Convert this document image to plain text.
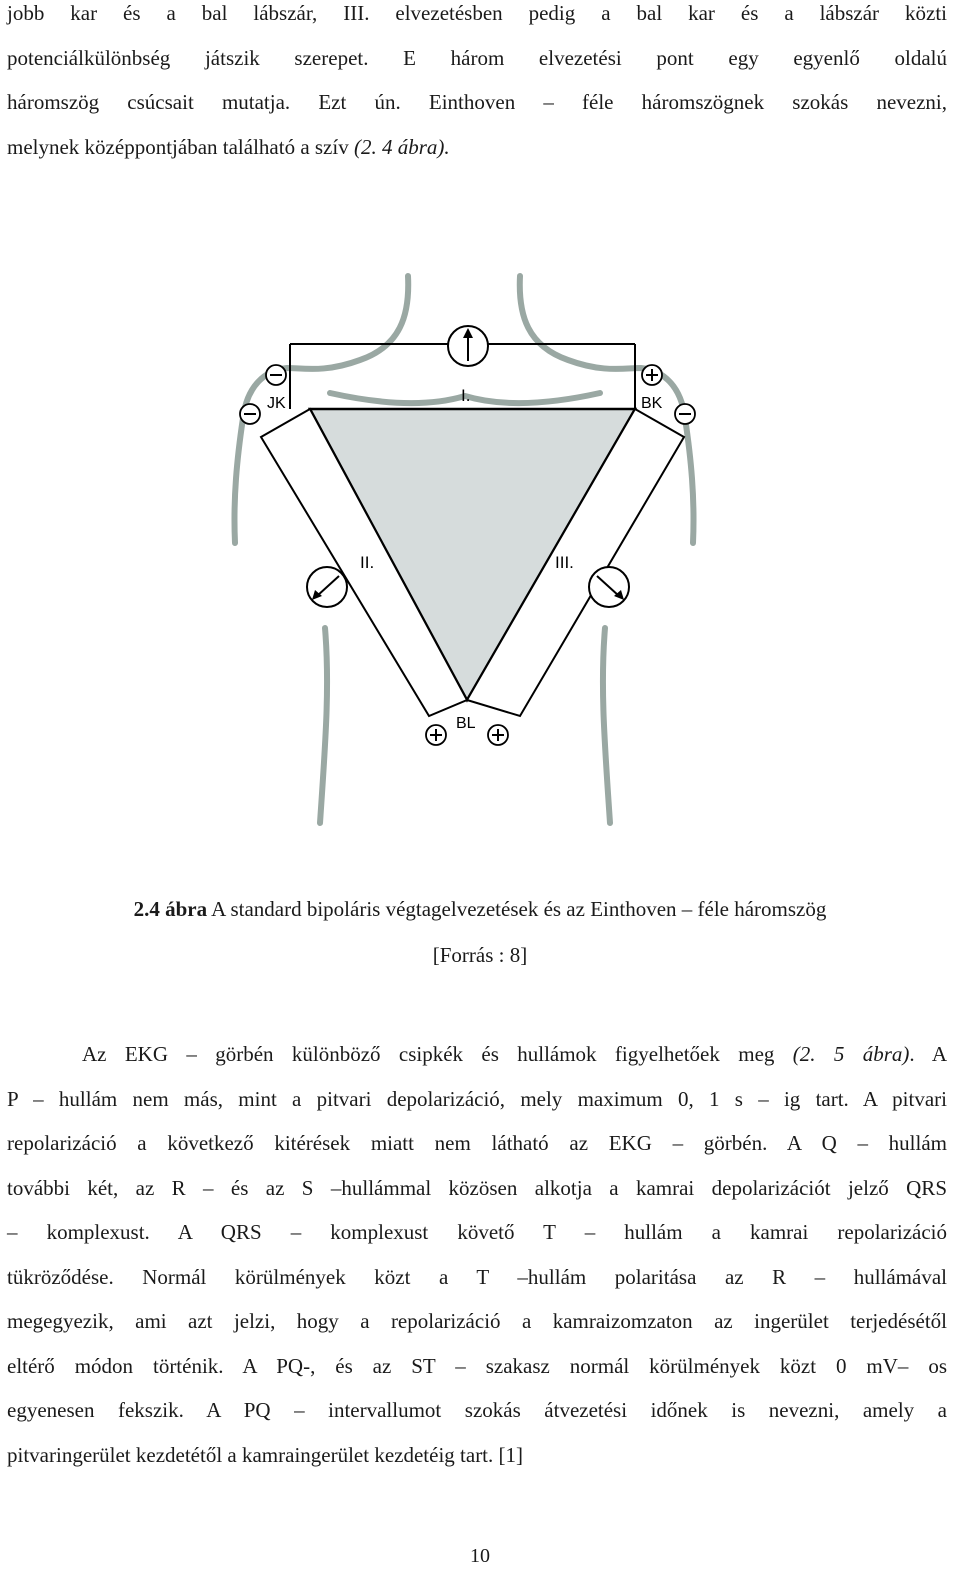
jobb kar és a bal lábszár, III. elvezetésben pedig a bal kar és a lábszár közti
potenciálkülönbség játszik szerepet. E három elvezetési pont egy egyenlő oldalú
háromszög csúcsait mutatja. Ezt ún. Einthoven – féle háromszögnek szokás nevezni,
melynek középpontjában található a szív (2. 4 ábra).
I.
II.	III.
JK	BK
BL
2.4 ábra A standard bipoláris végtagelvezetések és az Einthoven – féle háromszög
[Forrás : 8]
Az EKG – görbén különböző csipkék és hullámok figyelhetőek meg (2. 5 ábra). A
P – hullám nem más, mint a pitvari depolarizáció, mely maximum 0, 1 s – ig tart. A pitvari
repolarizáció a következő kitérések miatt nem látható az EKG – görbén. A Q – hullám
további két, az R – és az S –hullámmal közösen alkotja a kamrai depolarizációt jelző QRS
– komplexust. A QRS – komplexust követő T – hullám a kamrai repolarizáció
tükröződése. Normál körülmények közt a T –hullám polaritása az R – hullámával
megegyezik, ami azt jelzi, hogy a repolarizáció a kamraizomzaton az ingerület terjedésétől
eltérő módon történik. A PQ-, és az ST – szakasz normál körülmények közt 0 mV– os
egyenesen fekszik. A PQ – intervallumot szokás átvezetési időnek is nevezni, amely a
pitvaringerület kezdetétől a kamraingerület kezdetéig tart. [1]
10
